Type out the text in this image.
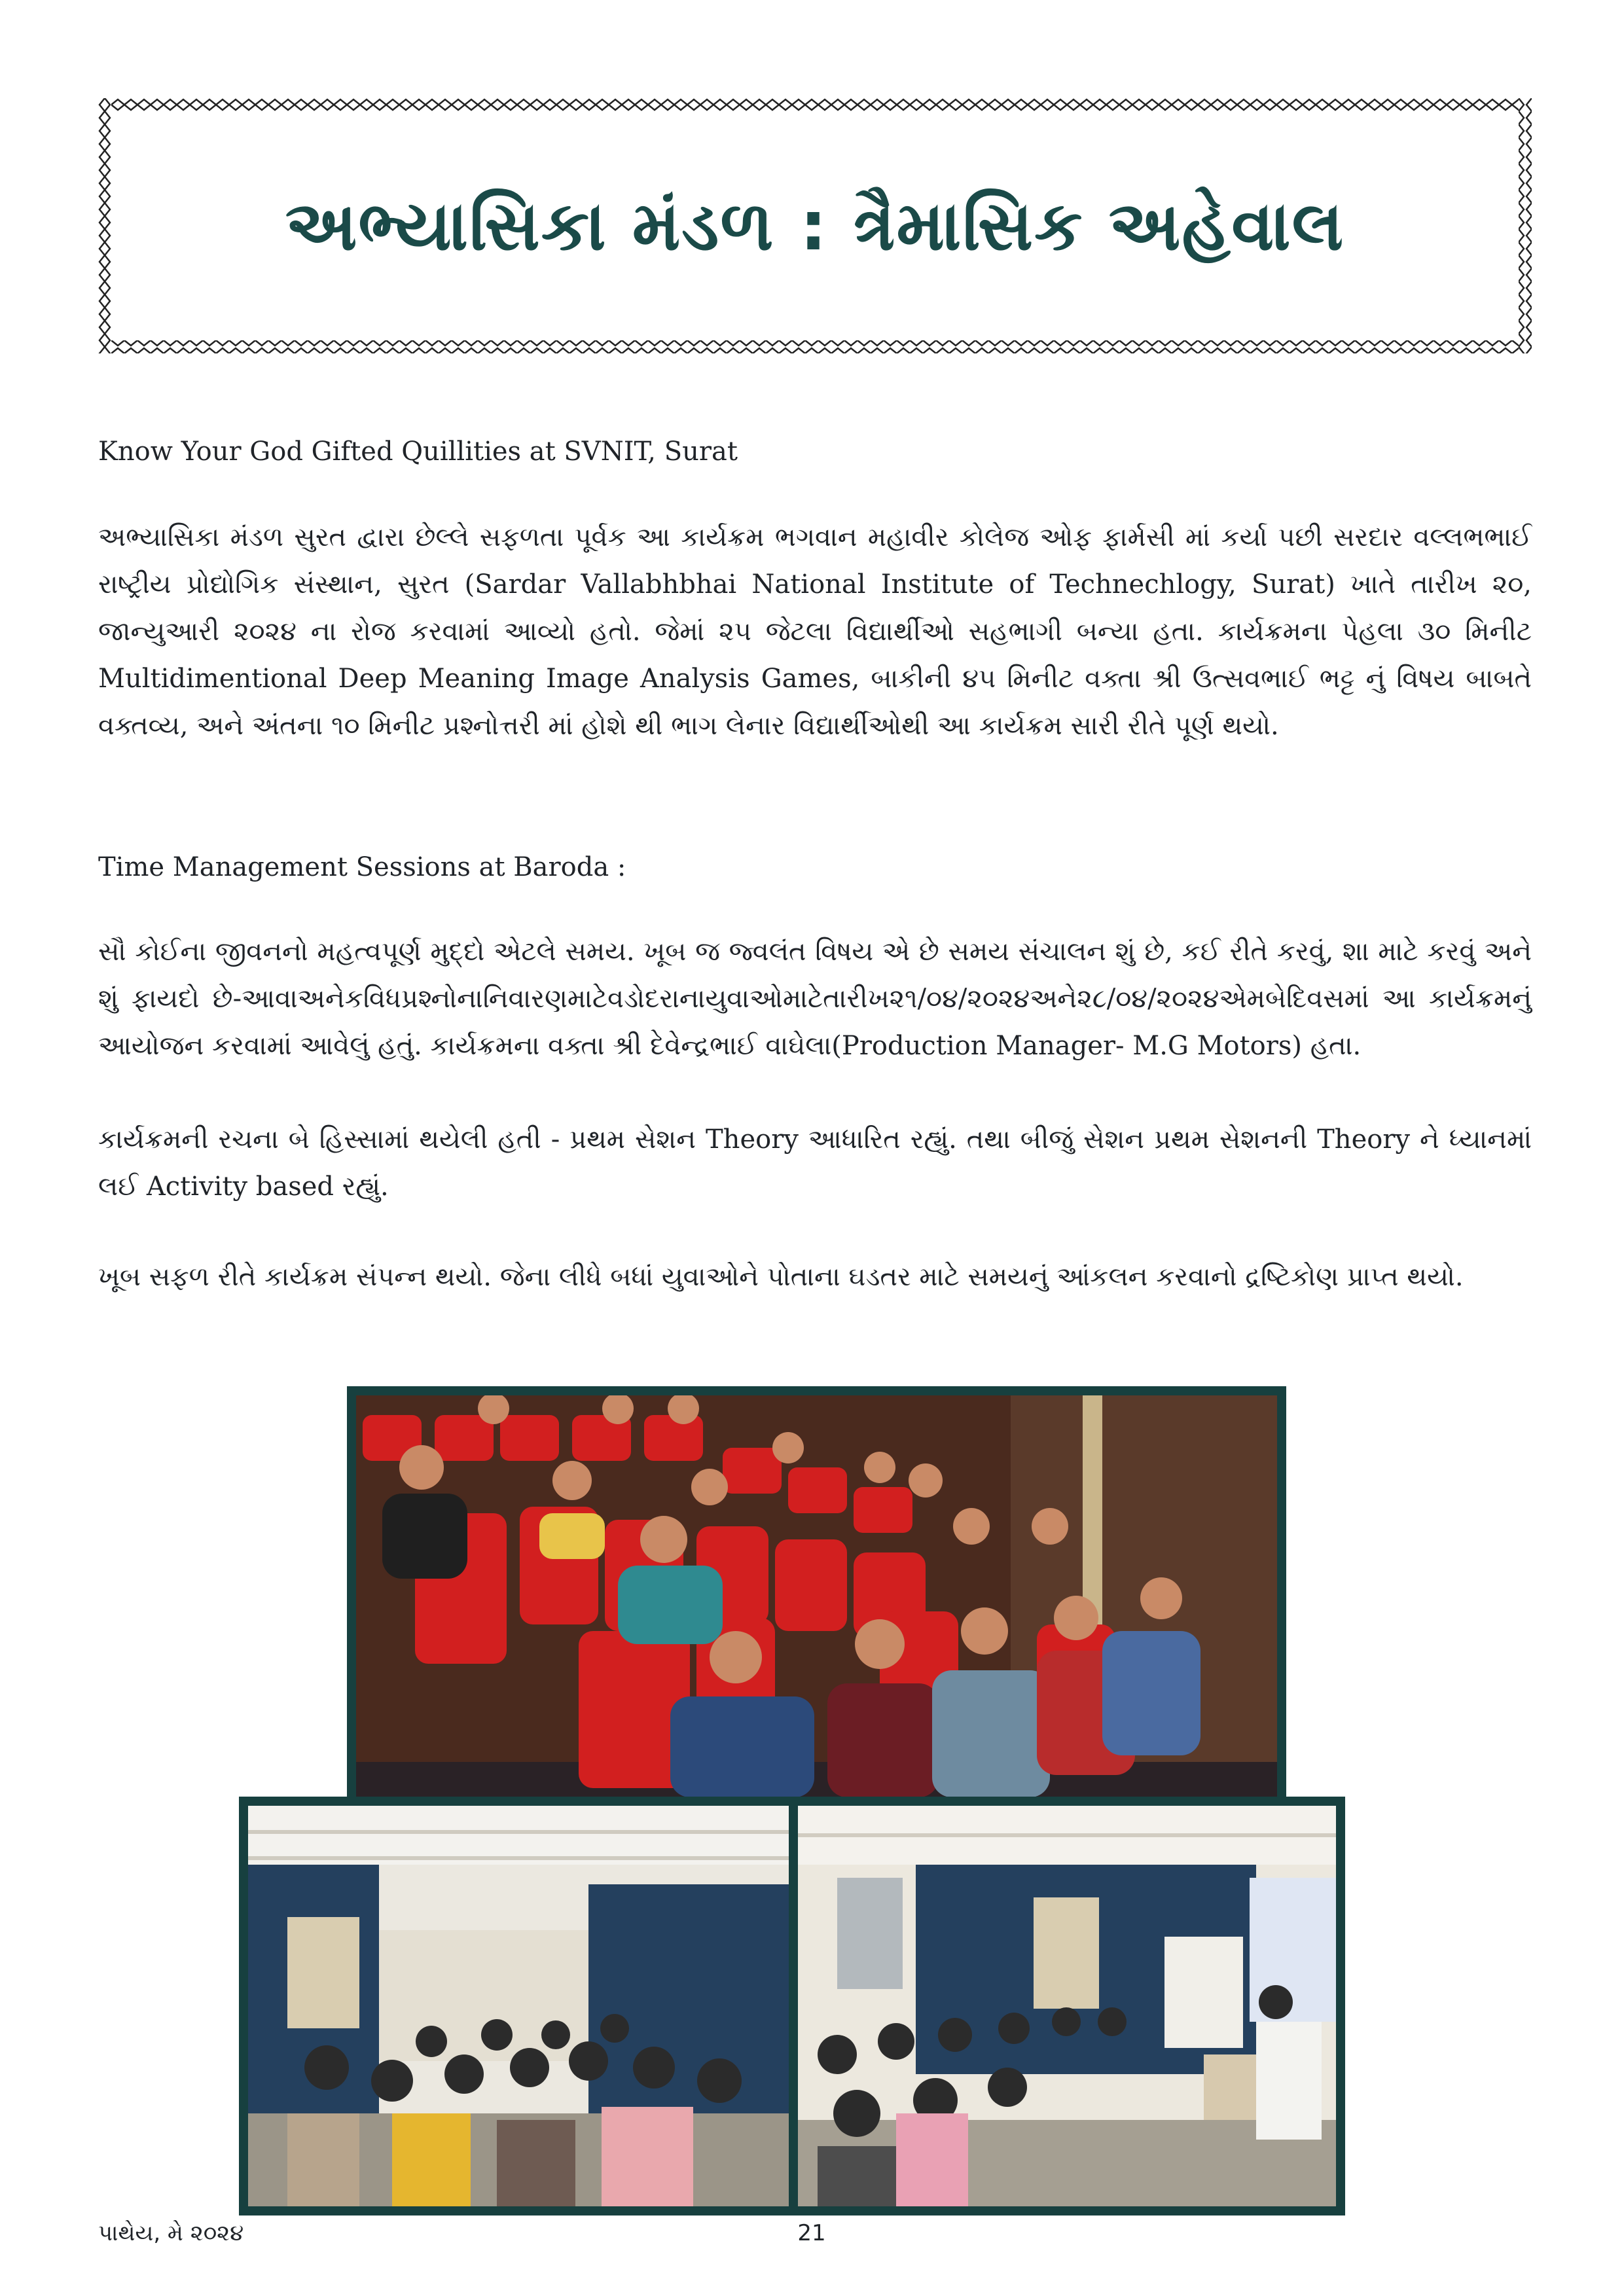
અભ્યાસિકા મંડળ : ત્રૈમાસિક અહેવાલ
Know Your God Gifted Quillities at SVNIT, Surat
અભ્યાસિકા મંડળ સુરત દ્વારા છેલ્લે સફળતા પૂર્વક આ કાર્યક્રમ ભગવાન મહાવીર કોલેજ ઓફ ફાર્મસી માં કર્યા પછી સરદાર વલ્લભભાઈ રાષ્ટ્રીય પ્રોદ્યોગિક સંસ્થાન, સુરત (Sardar Vallabhbhai National Institute of Technechlogy, Surat) ખાતે તારીખ ૨૦, જાન્યુઆરી ૨૦૨૪ ના રોજ કરવામાં આવ્યો હતો. જેમાં ૨૫ જેટલા વિદ્યાર્થીઓ સહભાગી બન્યા હતા. કાર્યક્રમના પેહલા ૩૦ મિનીટ Multidimentional Deep Meaning Image Analysis Games, બાકીની ૪૫ મિનીટ વક્તા શ્રી ઉત્સવભાઈ ભટ્ટ નું વિષય બાબતે વક્તવ્ય, અને અંતના ૧૦ મિનીટ પ્રશ્નોત્તરી માં હોશે થી ભાગ લેનાર વિદ્યાર્થીઓથી આ કાર્યક્રમ સારી રીતે પૂર્ણ થયો.
Time Management Sessions at Baroda :
સૌ કોઈના જીવનનો મહત્વપૂર્ણ મુદ્દો એટલે સમય. ખૂબ જ જ્વલંત વિષય એ છે સમય સંચાલન શું છે, કઈ રીતે કરવું, શા માટે કરવું અને શું ફાયદો છે-આવાઅનેકવિધપ્રશ્નોનાનિવારણમાટેવડોદરાનાયુવાઓમાટેતારીખ૨૧/૦૪/૨૦૨૪અને૨૮/૦૪/૨૦૨૪એમબેદિવસમાં આ કાર્યક્રમનું આયોજન કરવામાં આવેલું હતું. કાર્યક્રમના વક્તા શ્રી દેવેન્દ્રભાઈ વાઘેલા(Production Manager- M.G Motors) હતા.
કાર્યક્રમની રચના બે હિસ્સામાં થયેલી હતી - પ્રથમ સેશન Theory આધારિત રહ્યું. તથા બીજું સેશન પ્રથમ સેશનની Theory ને ધ્યાનમાં લઈ Activity based રહ્યું.
ખૂબ સફળ રીતે કાર્યક્રમ સંપન્ન થયો. જેના લીધે બધાં યુવાઓને પોતાના ઘડતર માટે સમયનું આંકલન કરવાનો દ્રષ્ટિકોણ પ્રાપ્ત થયો.
પાથેય, મે ૨૦૨૪	21
